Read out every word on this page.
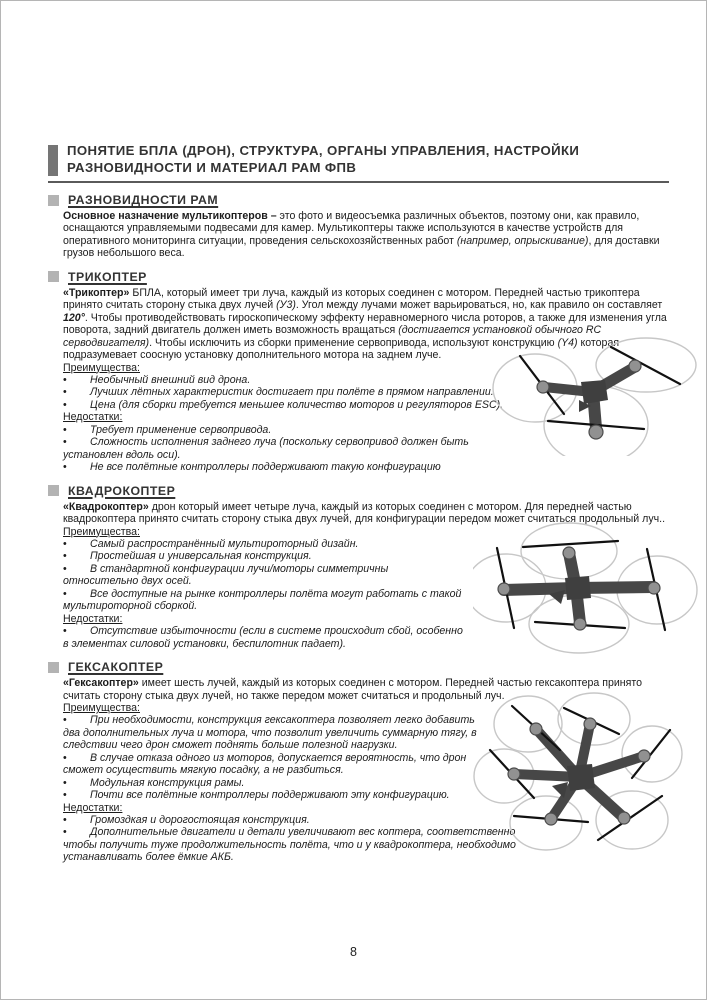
ПОНЯТИЕ БПЛА (ДРОН), СТРУКТУРА, ОРГАНЫ УПРАВЛЕНИЯ, НАСТРОЙКИ
РАЗНОВИДНОСТИ И МАТЕРИАЛ РАМ ФПВ
РАЗНОВИДНОСТИ РАМ

Основное назначение мультикоптеров – это фото и видеосъемка различных объектов, поэтому они, как правило, оснащаются управляемыми подвесами для камер. Мультикоптеры также используются в качестве устройств для оперативного мониторинга ситуации, проведения сельскохозяйственных работ (например, опрыскивание), для доставки грузов небольшого веса.

ТРИКОПТЕР

«Трикоптер» БПЛА, который имеет три луча, каждый из которых соединен с мотором. Передней частью трикоптера принято считать сторону стыка двух лучей (У3). Угол между лучами может варьироваться, но, как правило он составляет 120°. Чтобы противодействовать гироскопическому эффекту неравномерного числа роторов, а также для изменения угла поворота, задний двигатель должен иметь возможность вращаться (достигается установкой обычного RC серводвигателя). Чтобы исключить из сборки применение сервопривода, используют конструкцию (Y4) которая подразумевает соосную установку дополнительного мотора на заднем луче.

Преимущества:
• Необычный внешний вид дрона.
• Лучших лётных характеристик достигает при полёте в прямом направлении.
• Цена (для сборки требуется меньшее количество моторов и регуляторов ESC).
Недостатки:
• Требует применение сервопривода.
• Сложность исполнения заднего луча (поскольку сервопривод должен быть установлен вдоль оси).
• Не все полётные контроллеры поддерживают такую конфигурацию
КВАДРОКОПТЕР

«Квадрокоптер» дрон который имеет четыре луча, каждый из которых соединен с мотором. Для передней частью квадрокоптера принято считать сторону стыка двух лучей, для конфигурации передом может считаться продольный луч..

Преимущества:
• Самый распространённый мультироторный дизайн.
• Простейшая и универсальная конструкция.
• В стандартной конфигурации лучи/моторы симметричны относительно двух осей.
• Все доступные на рынке контроллеры полёта могут работать с такой мультироторной сборкой.
Недостатки:
• Отсутствие избыточности (если в системе происходит сбой, особенно в элементах силовой установки, беспилотник падает).
ГЕКСАКОПТЕР

«Гексакоптер» имеет шесть лучей, каждый из которых соединен с мотором. Передней частью гексакоптера принято считать сторону стыка двух лучей, но также передом может считаться и продольный луч.

Преимущества:
• При необходимости, конструкция гексакоптера позволяет легко добавить два дополнительных луча и мотора, что позволит увеличить суммарную тягу, в следствии чего дрон сможет поднять больше полезной нагрузки.
• В случае отказа одного из моторов, допускается вероятность, что дрон сможет осуществить мягкую посадку, а не разбиться.
• Модульная конструкция рамы.
• Почти все полётные контроллеры поддерживают эту конфигурацию.
Недостатки:
• Громоздкая и дорогостоящая конструкция.
• Дополнительные двигатели и детали увеличивают вес коптера, соответственно чтобы получить туже продолжительность полёта, что и у квадрокоптера, необходимо устанавливать более ёмкие АКБ.
8
